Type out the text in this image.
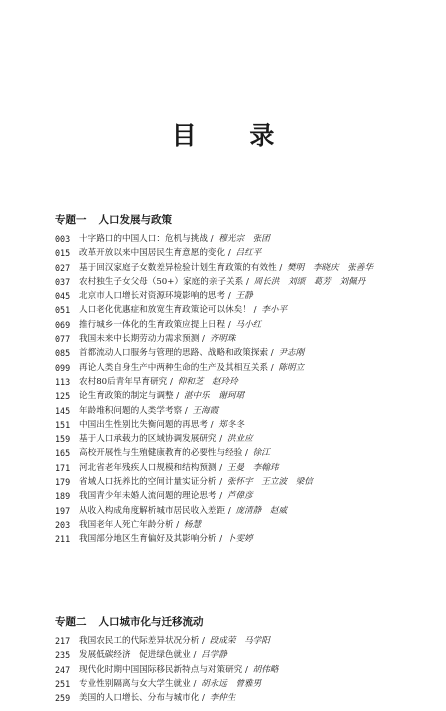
目 录
专题一 人口发展与政策
003	十字路口的中国人口：危机与挑战 / 穆光宗　张团
015	改革开放以来中国居民生育意愿的变化 / 吕红平
027	基于回汉家庭子女数差异检验计划生育政策的有效性 / 樊明　李晓庆　张善华
037	农村独生子女父母（50+）家庭的亲子关系 / 周长洪　刘颂　葛芳　刘佩丹
045	北京市人口增长对资源环境影响的思考 / 王静
051	人口老化优惠症和放宽生育政策论可以休矣！ / 李小平
069	推行城乡一体化的生育政策应提上日程 / 马小红
077	我国未来中长期劳动力需求预测 / 齐明珠
085	首都流动人口服务与管理的思路、战略和政策探索 / 尹志刚
099	再论人类自身生产中两种生命的生产及其相互关系 / 陈明立
113	农村80后青年早育研究 / 仰和芝　赵玲玲
125	论生育政策的制定与调整 / 湛中乐　谢珂珺
145	年龄堆积问题的人类学考察 / 王海霞
151	中国出生性别比失衡问题的再思考 / 郑冬冬
159	基于人口承载力的区域协调发展研究 / 洪业应
165	高校开展性与生殖健康教育的必要性与经验 / 徐江
171	河北省老年残疾人口规模和结构预测 / 王曼　李翰玮
179	省域人口抚养比的空间计量实证分析 / 张怀宇　王立波　梁信
189	我国青少年未婚人流问题的理论思考 / 芦偉彦
197	从收入构成角度解析城市居民收入差距 / 庞清静　赵威
203	我国老年人死亡年龄分析 / 杨慧
211	我国部分地区生育偏好及其影响分析 / 卜雯婷
专题二 人口城市化与迁移流动
217	我国农民工的代际差异状况分析 / 段成荣　马学阳
235	发展低碳经济　促进绿色就业 / 吕学静
247	现代化时期中国国际移民新特点与对策研究 / 胡伟略
251	专业性别隔离与女大学生就业 / 胡永远　曾雅男
259	美国的人口增长、分布与城市化 / 李仲生
